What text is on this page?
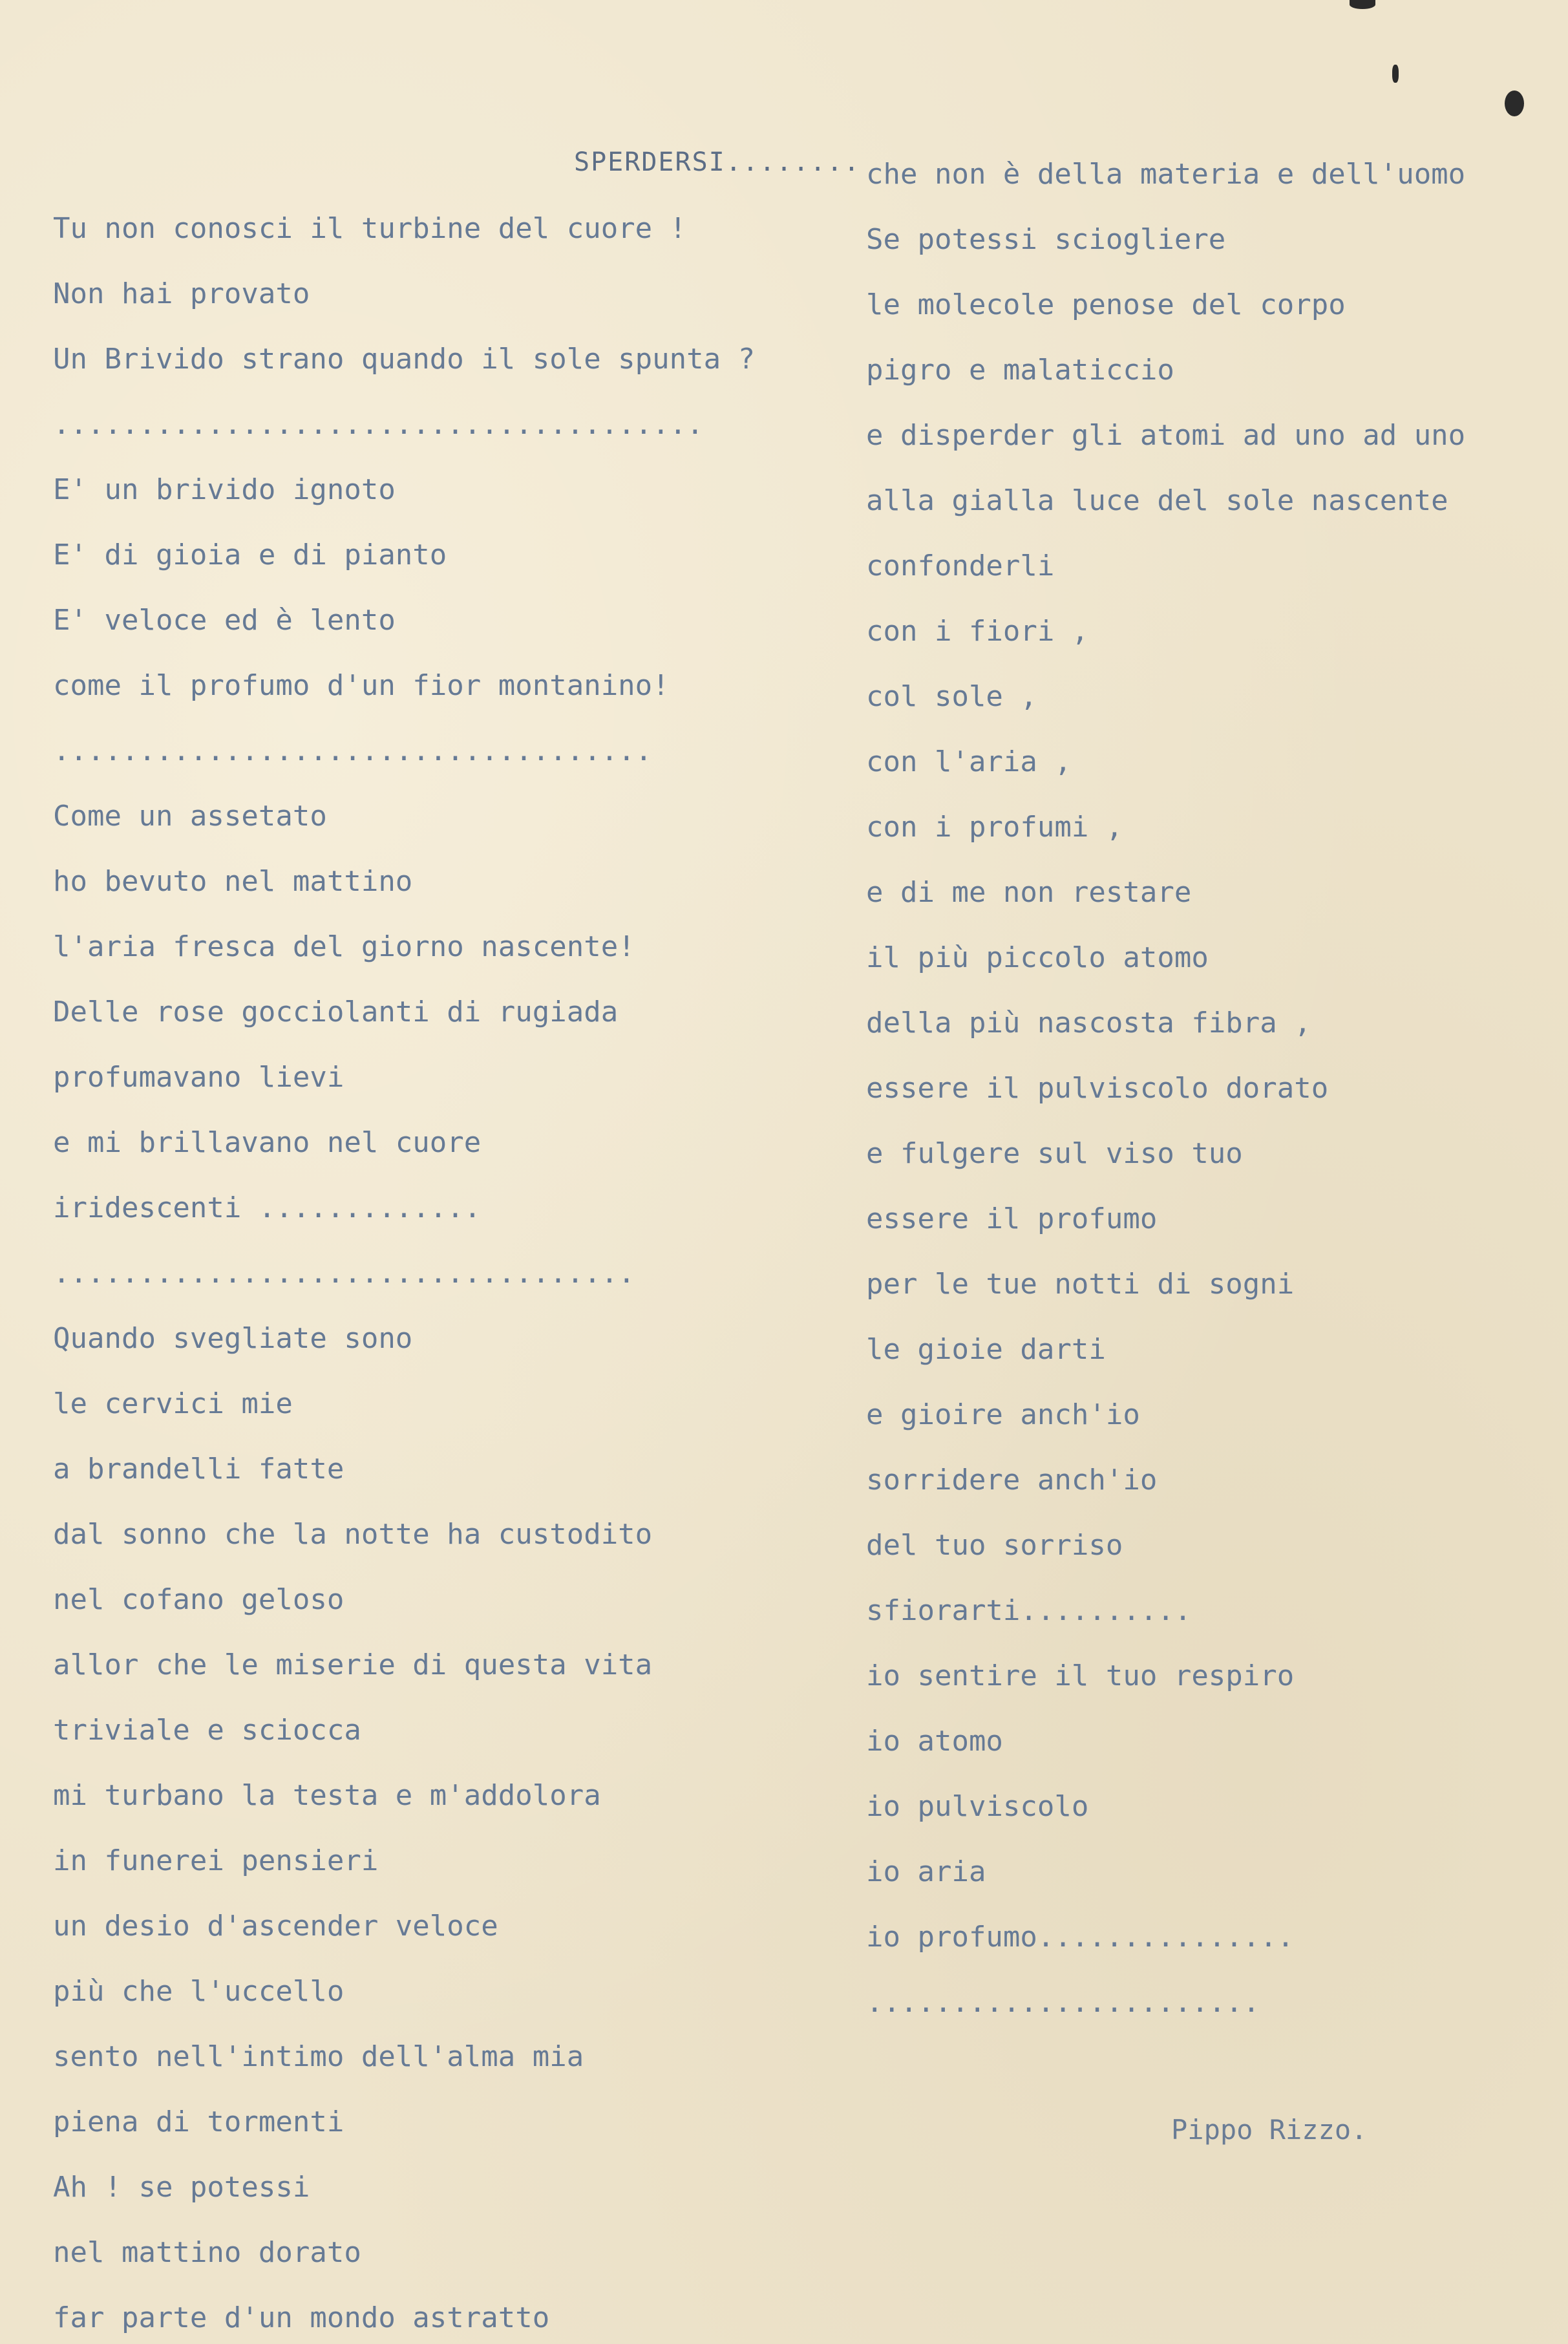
SPERDERSI........
Tu non conosci il turbine del cuore !
Non hai provato
Un Brivido strano quando il sole spunta ?
......................................
E' un brivido ignoto
E' di gioia e di pianto
E' veloce ed è lento
come il profumo d'un fior montanino!
...................................
Come un assetato
ho bevuto nel mattino
l'aria fresca del giorno nascente!
Delle rose gocciolanti di rugiada
profumavano lievi
e mi brillavano nel cuore
iridescenti .............
..................................
Quando svegliate sono
le cervici mie
a brandelli fatte
dal sonno che la notte ha custodito
nel cofano geloso
allor che le miserie di questa vita
triviale e sciocca
mi turbano la testa e m'addolora
in funerei pensieri
un desio d'ascender veloce
più che l'uccello
sento nell'intimo dell'alma mia
piena di tormenti
Ah ! se potessi
nel mattino dorato
far parte d'un mondo astratto
che non è della materia e dell'uomo
Se potessi sciogliere
le molecole penose del corpo
pigro e malaticcio
e disperder gli atomi ad uno ad uno
alla gialla luce del sole nascente
confonderli
con i fiori ,
col sole ,
con l'aria ,
con i profumi ,
e di me non restare
il più piccolo atomo
della più nascosta fibra ,
essere il pulviscolo dorato
e fulgere sul viso tuo
essere il profumo
per le tue notti di sogni
le gioie darti
e gioire anch'io
sorridere anch'io
del tuo sorriso
sfiorarti..........
io sentire il tuo respiro
io atomo
io pulviscolo
io aria
io profumo...............
.......................
Pippo Rizzo.
